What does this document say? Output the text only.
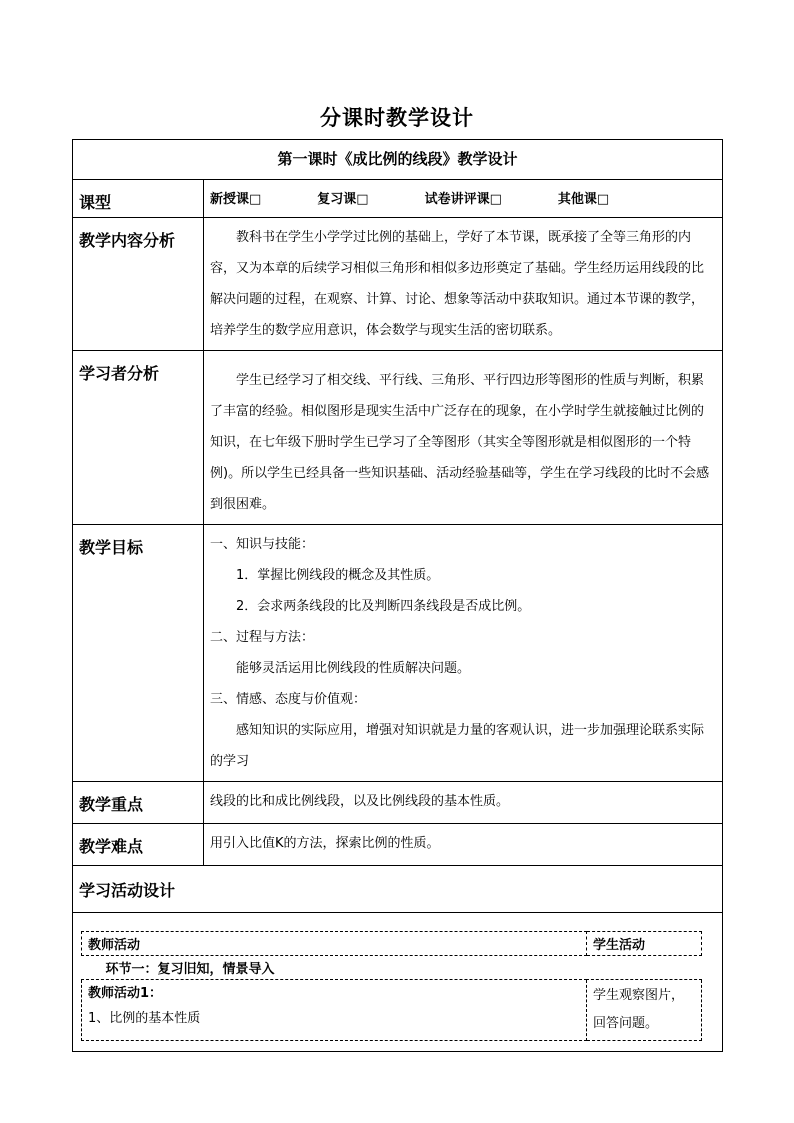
分课时教学设计
第一课时《成比例的线段》教学设计
课型	新授课□	复习课□	试卷讲评课□	其他课□
教学内容分析	教科书在学生小学学过比例的基础上，学好了本节课，既承接了全等三角形的内容，又为本章的后续学习相似三角形和相似多边形奠定了基础。学生经历运用线段的比解决问题的过程，在观察、计算、讨论、想象等活动中获取知识。通过本节课的教学，培养学生的数学应用意识，体会数学与现实生活的密切联系。
学习者分析	学生已经学习了相交线、平行线、三角形、平行四边形等图形的性质与判断，积累了丰富的经验。相似图形是现实生活中广泛存在的现象，在小学时学生就接触过比例的知识，在七年级下册时学生已学习了全等图形（其实全等图形就是相似图形的一个特例)。所以学生已经具备一些知识基础、活动经验基础等，学生在学习线段的比时不会感到很困难。
教学目标	一、知识与技能：
1．掌握比例线段的概念及其性质。
2．会求两条线段的比及判断四条线段是否成比例。
二、过程与方法：
能够灵活运用比例线段的性质解决问题。
三、情感、态度与价值观：
感知知识的实际应用，增强对知识就是力量的客观认识，进一步加强理论联系实际的学习

教学重点	线段的比和成比例线段，以及比例线段的基本性质。
教学难点	用引入比值K的方法，探索比例的性质。
学习活动设计

教师活动	学生活动
环节一：复习旧知，情景导入

教师活动1：
1、比例的基本性质
	学生观察图片，回答问题。
